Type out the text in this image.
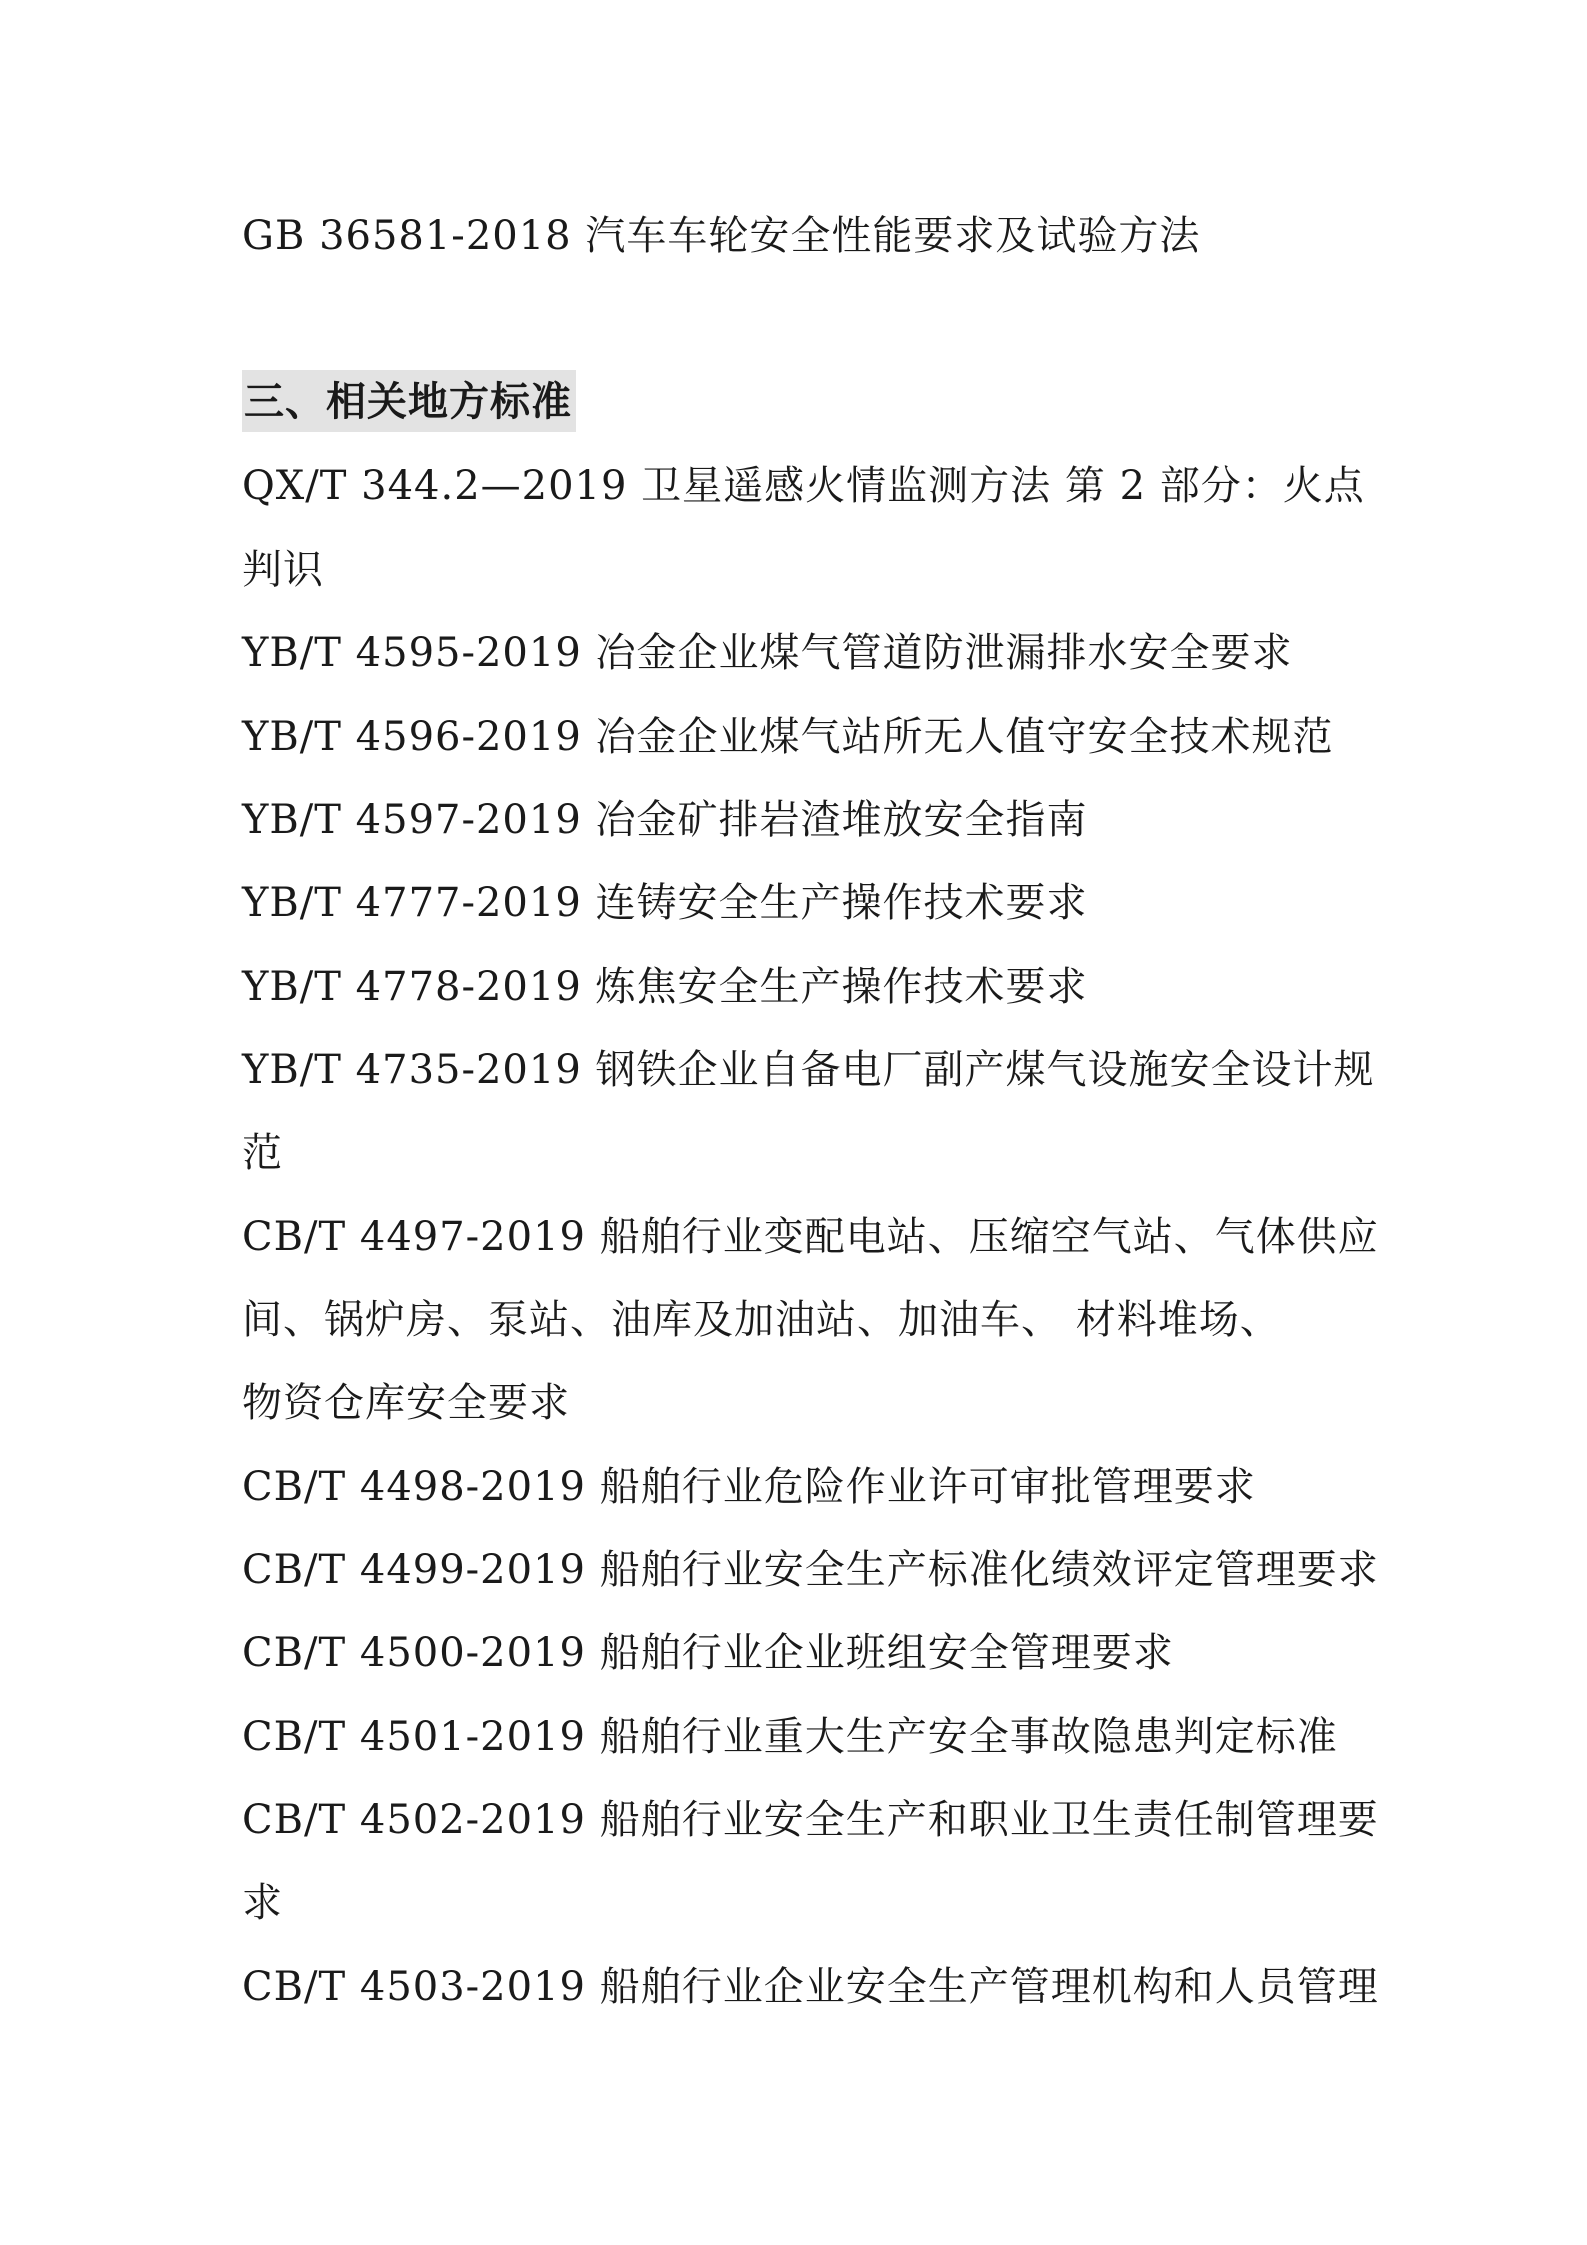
GB 36581-2018 汽车车轮安全性能要求及试验方法
三、相关地方标准
QX/T 344.2—2019 卫星遥感火情监测方法 第 2 部分：火点
判识
YB/T 4595-2019 冶金企业煤气管道防泄漏排水安全要求
YB/T 4596-2019 冶金企业煤气站所无人值守安全技术规范
YB/T 4597-2019 冶金矿排岩渣堆放安全指南
YB/T 4777-2019 连铸安全生产操作技术要求
YB/T 4778-2019 炼焦安全生产操作技术要求
YB/T 4735-2019 钢铁企业自备电厂副产煤气设施安全设计规
范
CB/T 4497-2019 船舶行业变配电站、压缩空气站、气体供应
间、锅炉房、泵站、油库及加油站、加油车、 材料堆场、
物资仓库安全要求
CB/T 4498-2019 船舶行业危险作业许可审批管理要求
CB/T 4499-2019 船舶行业安全生产标准化绩效评定管理要求
CB/T 4500-2019 船舶行业企业班组安全管理要求
CB/T 4501-2019 船舶行业重大生产安全事故隐患判定标准
CB/T 4502-2019 船舶行业安全生产和职业卫生责任制管理要
求
CB/T 4503-2019 船舶行业企业安全生产管理机构和人员管理
